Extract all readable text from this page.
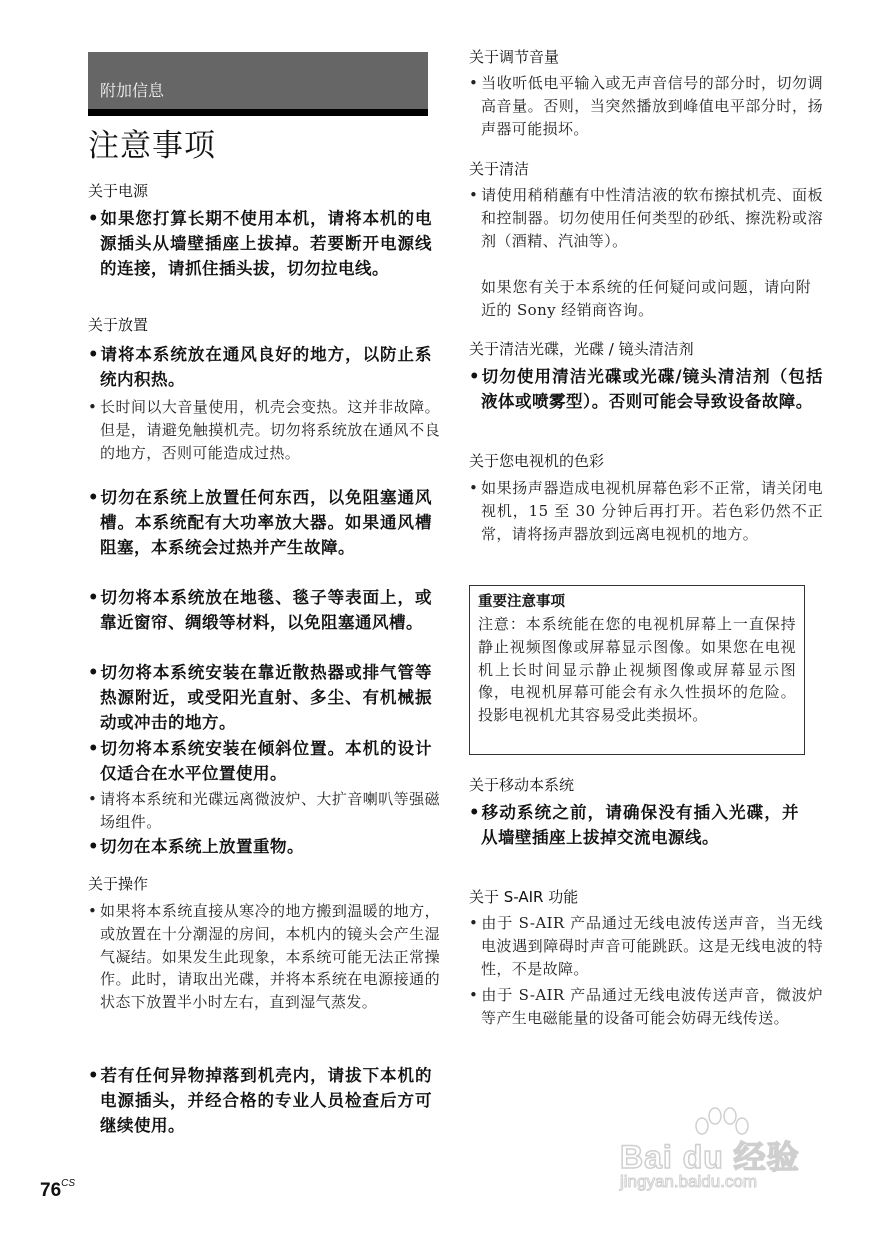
附加信息
注意事项
关于电源

•如果您打算长期不使用本机，请将本机的电源插头从墙壁插座上拔掉。若要断开电源线的连接，请抓住插头拔，切勿拉电线。

关于放置

•请将本系统放在通风良好的地方，以防止系统内积热。

• 长时间以大音量使用，机壳会变热。这并非故障。但是，请避免触摸机壳。切勿将系统放在通风不良的地方，否则可能造成过热。

•切勿在系统上放置任何东西，以免阻塞通风槽。本系统配有大功率放大器。如果通风槽阻塞，本系统会过热并产生故障。

•切勿将本系统放在地毯、毯子等表面上，或靠近窗帘、绸缎等材料，以免阻塞通风槽。

•切勿将本系统安装在靠近散热器或排气管等热源附近，或受阳光直射、多尘、有机械振动或冲击的地方。

•切勿将本系统安装在倾斜位置。本机的设计仅适合在水平位置使用。

• 请将本系统和光碟远离微波炉、大扩音喇叭等强磁场组件。

•切勿在本系统上放置重物。

关于操作

• 如果将本系统直接从寒冷的地方搬到温暖的地方，或放置在十分潮湿的房间，本机内的镜头会产生湿气凝结。如果发生此现象，本系统可能无法正常操作。此时，请取出光碟，并将本系统在电源接通的状态下放置半小时左右，直到湿气蒸发。

•若有任何异物掉落到机壳内，请拔下本机的电源插头，并经合格的专业人员检查后方可继续使用。

关于调节音量

• 当收听低电平输入或无声音信号的部分时，切勿调高音量。否则，当突然播放到峰值电平部分时，扬声器可能损坏。

关于清洁

• 请使用稍稍蘸有中性清洁液的软布擦拭机壳、面板和控制器。切勿使用任何类型的砂纸、擦洗粉或溶剂（酒精、汽油等）。

如果您有关于本系统的任何疑问或问题，请向附近的 Sony 经销商咨询。

关于清洁光碟，光碟 / 镜头清洁剂

•切勿使用清洁光碟或光碟/镜头清洁剂（包括液体或喷雾型）。否则可能会导致设备故障。

关于您电视机的色彩

• 如果扬声器造成电视机屏幕色彩不正常，请关闭电视机，15 至 30 分钟后再打开。若色彩仍然不正常，请将扬声器放到远离电视机的地方。

重要注意事项

注意：本系统能在您的电视机屏幕上一直保持静止视频图像或屏幕显示图像。如果您在电视机上长时间显示静止视频图像或屏幕显示图像，电视机屏幕可能会有永久性损坏的危险。投影电视机尤其容易受此类损坏。

关于移动本系统

•移动系统之前，请确保没有插入光碟，并从墙壁插座上拔掉交流电源线。

关于 S-AIR 功能

• 由于 S-AIR 产品通过无线电波传送声音，当无线电波遇到障碍时声音可能跳跃。这是无线电波的特性，不是故障。

• 由于 S-AIR 产品通过无线电波传送声音，微波炉等产生电磁能量的设备可能会妨碍无线传送。

$76^{CS}$
Bai du 经验
jingyan.baidu.com
